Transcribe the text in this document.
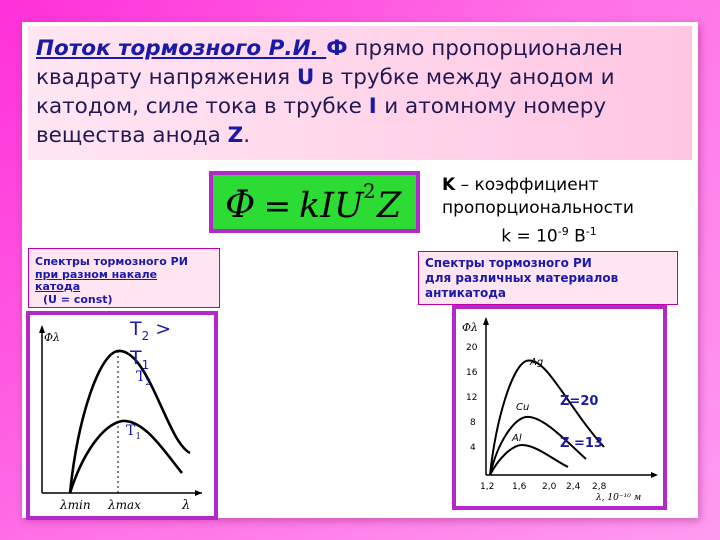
Поток тормозного Р.И. Ф прямо пропорционален квадрату напряжения U в трубке между анодом и катодом, силе тока в трубке I и атомному номеру вещества анода Z.

Φ
=
kIU 2 Z
K – коэффициент
пропорциональности
$k = 10^{-9}$ $В^{-1}$
Спектры тормозного РИ
при разном накале
катода
(U = const)
Спектры тормозного РИ
для различных материалов
антикатода
Φλ
$T_2$
$T_1$
λmin λmax	λ
$T_2$ >
$T_1$
20
16
12
8
4
1,2 1,6 2,0 2,4 2,8
Φλ
λ, 10⁻¹⁰ м
Ag
Cu
Al
Z=20
Z =13
